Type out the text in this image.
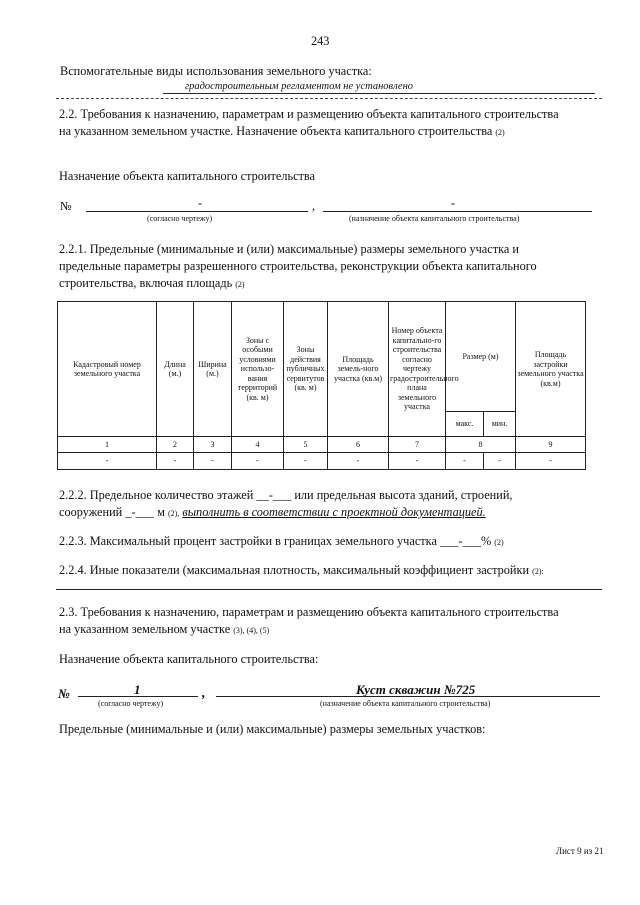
243
Вспомогательные виды использования земельного участка:
градостроительным регламентом не установлено
2.2. Требования к назначению, параметрам и размещению объекта капитального строительства
на указанном земельном участке. Назначение объекта капитального строительства (2)
Назначение объекта капитального строительства
№	-	,	-
(согласно чертежу)	(назначение объекта капитального строительства)
2.2.1. Предельные (минимальные и (или) максимальные) размеры земельного участка и
предельные параметры разрешенного строительства, реконструкции объекта капитального
строительства, включая площадь (2)
Кадастровый номер земельного участка	Длина (м.)	Ширина (м.)	Зоны с особыми условиями использо-вания территорий (кв. м)	Зоны действия публичных сервитутов (кв. м)	Площадь земель-ного участка (кв.м)	Номер объекта капитально-го строительства согласно чертежу градостроительного плана земельного участка	Размер (м)		Площадь застройки земельного участка (кв.м)
							макс.	мин.	
1	2	3	4	5	6	7	8		9
-	-	-	-	-	-	-	-	-	-
2.2.2. Предельное количество этажей __-___ или предельная высота зданий, строений,
сооружений _-___ м (2), выполнить в соответствии с проектной документацией.
2.2.3. Максимальный процент застройки в границах земельного участка ___-___% (2)
2.2.4. Иные показатели (максимальная плотность, максимальный коэффициент застройки (2):
2.3. Требования к назначению, параметрам и размещению объекта капитального строительства
на указанном земельном участке (3), (4), (5)
Назначение объекта капитального строительства:
№	1	,	Куст скважин №725
(согласно чертежу)	(назначение объекта капитального строительства)
Предельные (минимальные и (или) максимальные) размеры земельных участков:
Лист 9 из 21
